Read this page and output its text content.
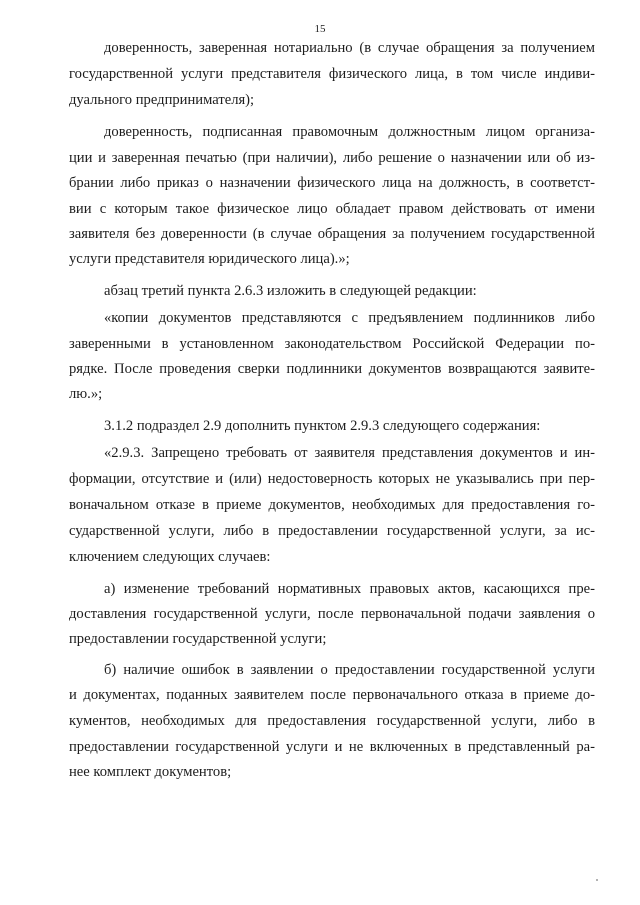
15
доверенность, заверенная нотариально (в случае обращения за получением
государственной услуги представителя физического лица, в том числе индиви-
дуального предпринимателя);
доверенность, подписанная правомочным должностным лицом организа-
ции и заверенная печатью (при наличии), либо решение о назначении или об из-
брании либо приказ о назначении физического лица на должность, в соответст-
вии с которым такое физическое лицо обладает правом действовать от имени
заявителя без доверенности (в случае обращения за получением государственной
услуги представителя юридического лица).»;
абзац третий пункта 2.6.3 изложить в следующей редакции:
«копии документов представляются с предъявлением подлинников либо
заверенными в установленном законодательством Российской Федерации по-
рядке. После проведения сверки подлинники документов возвращаются заявите-
лю.»;
3.1.2 подраздел 2.9 дополнить пунктом 2.9.3 следующего содержания:
«2.9.3. Запрещено требовать от заявителя представления документов и ин-
формации, отсутствие и (или) недостоверность которых не указывались при пер-
воначальном отказе в приеме документов, необходимых для предоставления го-
сударственной услуги, либо в предоставлении государственной услуги, за ис-
ключением следующих случаев:
а) изменение требований нормативных правовых актов, касающихся пре-
доставления государственной услуги, после первоначальной подачи заявления о
предоставлении государственной услуги;
б) наличие ошибок в заявлении о предоставлении государственной услуги
и документах, поданных заявителем после первоначального отказа в приеме до-
кументов, необходимых для предоставления государственной услуги, либо в
предоставлении государственной услуги и не включенных в представленный ра-
нее комплект документов;
